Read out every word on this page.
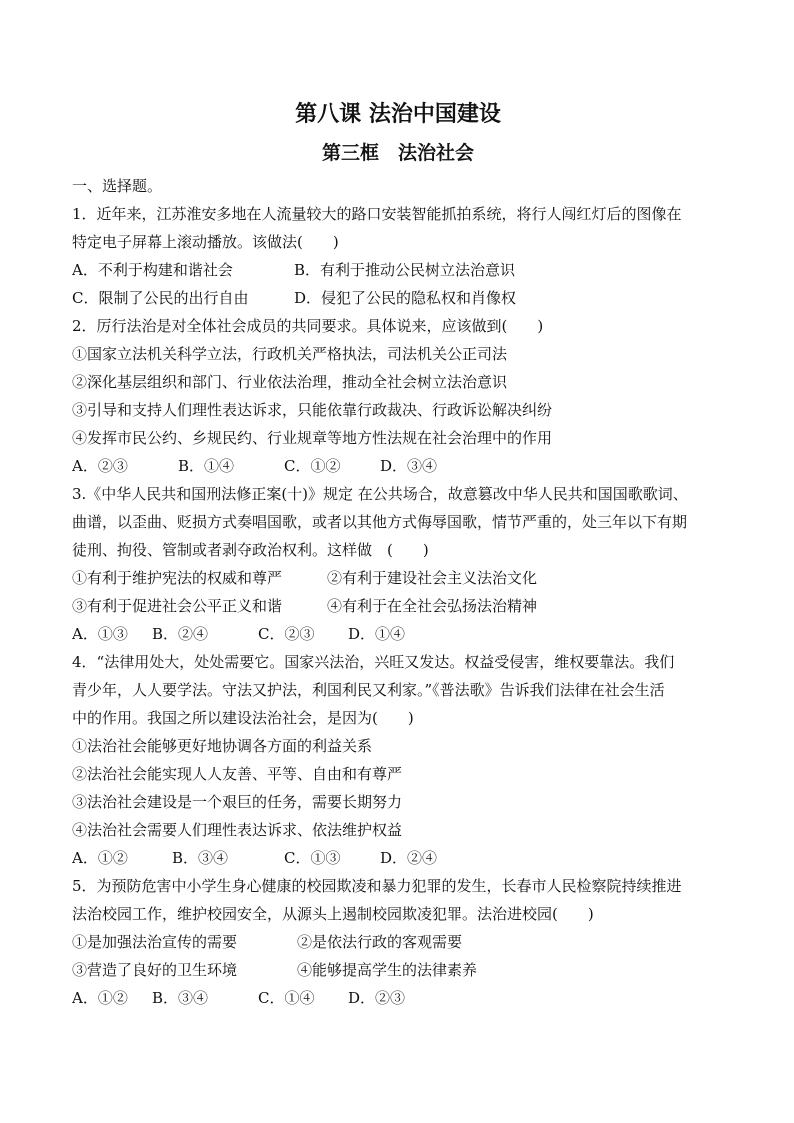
第八课 法治中国建设
第三框　法治社会
一、选择题。
1．近年来，江苏淮安多地在人流量较大的路口安装智能抓拍系统，将行人闯红灯后的图像在
特定电子屏幕上滚动播放。该做法(　　)
A．不利于构建和谐社会	B．有利于推动公民树立法治意识
C．限制了公民的出行自由	D．侵犯了公民的隐私权和肖像权
2．厉行法治是对全体社会成员的共同要求。具体说来，应该做到(　　)
①国家立法机关科学立法，行政机关严格执法，司法机关公正司法
②深化基层组织和部门、行业依法治理，推动全社会树立法治意识
③引导和支持人们理性表达诉求，只能依靠行政裁决、行政诉讼解决纠纷
④发挥市民公约、乡规民约、行业规章等地方性法规在社会治理中的作用
A．②③	B．①④	C．①②	D．③④
3.《中华人民共和国刑法修正案(十)》规定 在公共场合，故意篡改中华人民共和国国歌歌词、
曲谱，以歪曲、贬损方式奏唱国歌，或者以其他方式侮辱国歌，情节严重的，处三年以下有期
徒刑、拘役、管制或者剥夺政治权利。这样做　(　　)
①有利于维护宪法的权威和尊严　　　②有利于建设社会主义法治文化
③有利于促进社会公平正义和谐　　　④有利于在全社会弘扬法治精神
A．①③ B．②④	C．②③ D．①④
4．“法律用处大，处处需要它。国家兴法治，兴旺又发达。权益受侵害，维权要靠法。我们
青少年，人人要学法。守法又护法，利国利民又利家。”《普法歌》告诉我们法律在社会生活
中的作用。我国之所以建设法治社会，是因为(　　)
①法治社会能够更好地协调各方面的利益关系
②法治社会能实现人人友善、平等、自由和有尊严
③法治社会建设是一个艰巨的任务，需要长期努力
④法治社会需要人们理性表达诉求、依法维护权益
A．①②	B．③④	C．①③	D．②④
5．为预防危害中小学生身心健康的校园欺凌和暴力犯罪的发生，长春市人民检察院持续推进
法治校园工作，维护校园安全，从源头上遏制校园欺凌犯罪。法治进校园(　　)
①是加强法治宣传的需要　　　　②是依法行政的客观需要
③营造了良好的卫生环境　　　　④能够提高学生的法律素养
A．①② B．③④	C．①④ D．②③
